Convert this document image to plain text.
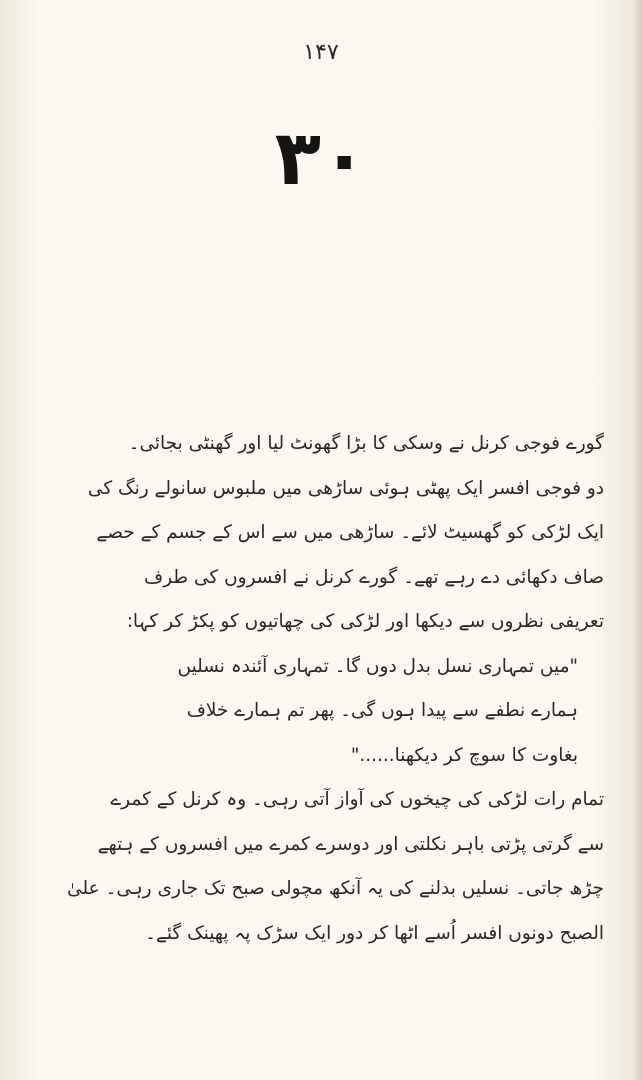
۱۴۷
۳۰
گورے فوجی کرنل نے وسکی کا بڑا گھونٹ لیا اور گھنٹی بجائی۔
دو فوجی افسر ایک پھٹی ہوئی ساڑھی میں ملبوس سانولے رنگ کی
ایک لڑکی کو گھسیٹ لائے۔ ساڑھی میں سے اس کے جسم کے حصے
صاف دکھائی دے رہے تھے۔ گورے کرنل نے افسروں کی طرف
تعریفی نظروں سے دیکھا اور لڑکی کی چھاتیوں کو پکڑ کر کہا:
"میں تمہاری نسل بدل دوں گا۔ تمہاری آئندہ نسلیں
ہمارے نطفے سے پیدا ہوں گی۔ پھر تم ہمارے خلاف
بغاوت کا سوچ کر دیکھنا......"
تمام رات لڑکی کی چیخوں کی آواز آتی رہی۔ وہ کرنل کے کمرے
سے گرتی پڑتی باہر نکلتی اور دوسرے کمرے میں افسروں کے ہتھے
چڑھ جاتی۔ نسلیں بدلنے کی یہ آنکھ مچولی صبح تک جاری رہی۔ علیٰ
الصبح دونوں افسر اُسے اٹھا کر دور ایک سڑک پہ پھینک گئے۔
